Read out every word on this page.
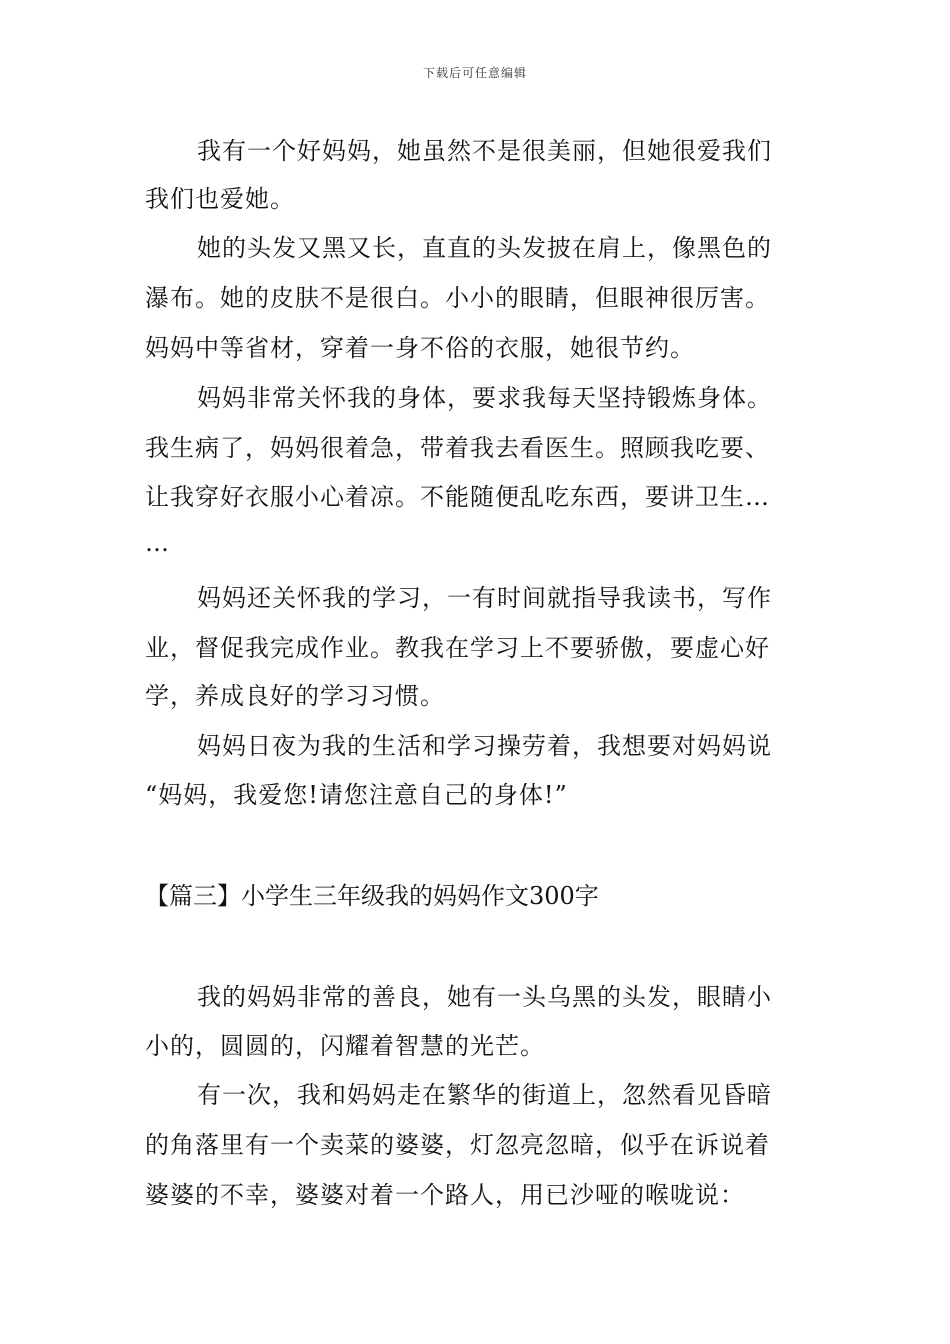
下载后可任意编辑
我有一个好妈妈，她虽然不是很美丽，但她很爱我们
我们也爱她。
她的头发又黑又长，直直的头发披在肩上，像黑色的
瀑布。她的皮肤不是很白。小小的眼睛，但眼神很厉害。
妈妈中等省材，穿着一身不俗的衣服，她很节约。
妈妈非常关怀我的身体，要求我每天坚持锻炼身体。
我生病了，妈妈很着急，带着我去看医生。照顾我吃要、
让我穿好衣服小心着凉。不能随便乱吃东西，要讲卫生…
…
妈妈还关怀我的学习，一有时间就指导我读书，写作
业，督促我完成作业。教我在学习上不要骄傲，要虚心好
学，养成良好的学习习惯。
妈妈日夜为我的生活和学习操劳着，我想要对妈妈说
“妈妈，我爱您!请您注意自己的身体!”
【篇三】小学生三年级我的妈妈作文300字
我的妈妈非常的善良，她有一头乌黑的头发，眼睛小
小的，圆圆的，闪耀着智慧的光芒。
有一次，我和妈妈走在繁华的街道上，忽然看见昏暗
的角落里有一个卖菜的婆婆，灯忽亮忽暗，似乎在诉说着
婆婆的不幸，婆婆对着一个路人，用已沙哑的喉咙说：
